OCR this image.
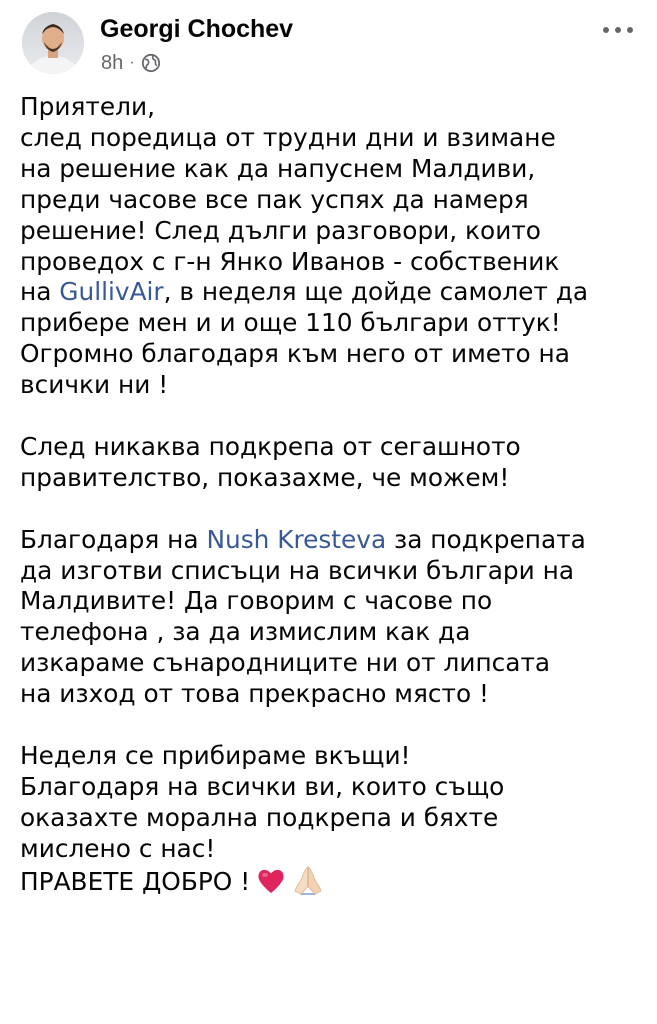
Georgi Chochev
8h ·

Приятели,
след поредица от трудни дни и взимане
на решение как да напуснем Малдиви,
преди часове все пак успях да намеря
решение! След дълги разговори, които
проведох с г-н Янко Иванов - собственик
на GullivAir, в неделя ще дойде самолет да
прибере мен и и още 110 българи оттук!
Огромно благодаря към него от името на
всички ни !

След никаква подкрепа от сегашното
правителство, показахме, че можем!

Благодаря на Nush Kresteva за подкрепата
да изготви списъци на всички българи на
Малдивите! Да говорим с часове по
телефона , за да измислим как да
изкараме сънародниците ни от липсата
на изход от това прекрасно място !

Неделя се прибираме вкъщи!
Благодаря на всички ви, които също
оказахте морална подкрепа и бяхте
мислено с нас!
ПРАВЕТЕ ДОБРО !
